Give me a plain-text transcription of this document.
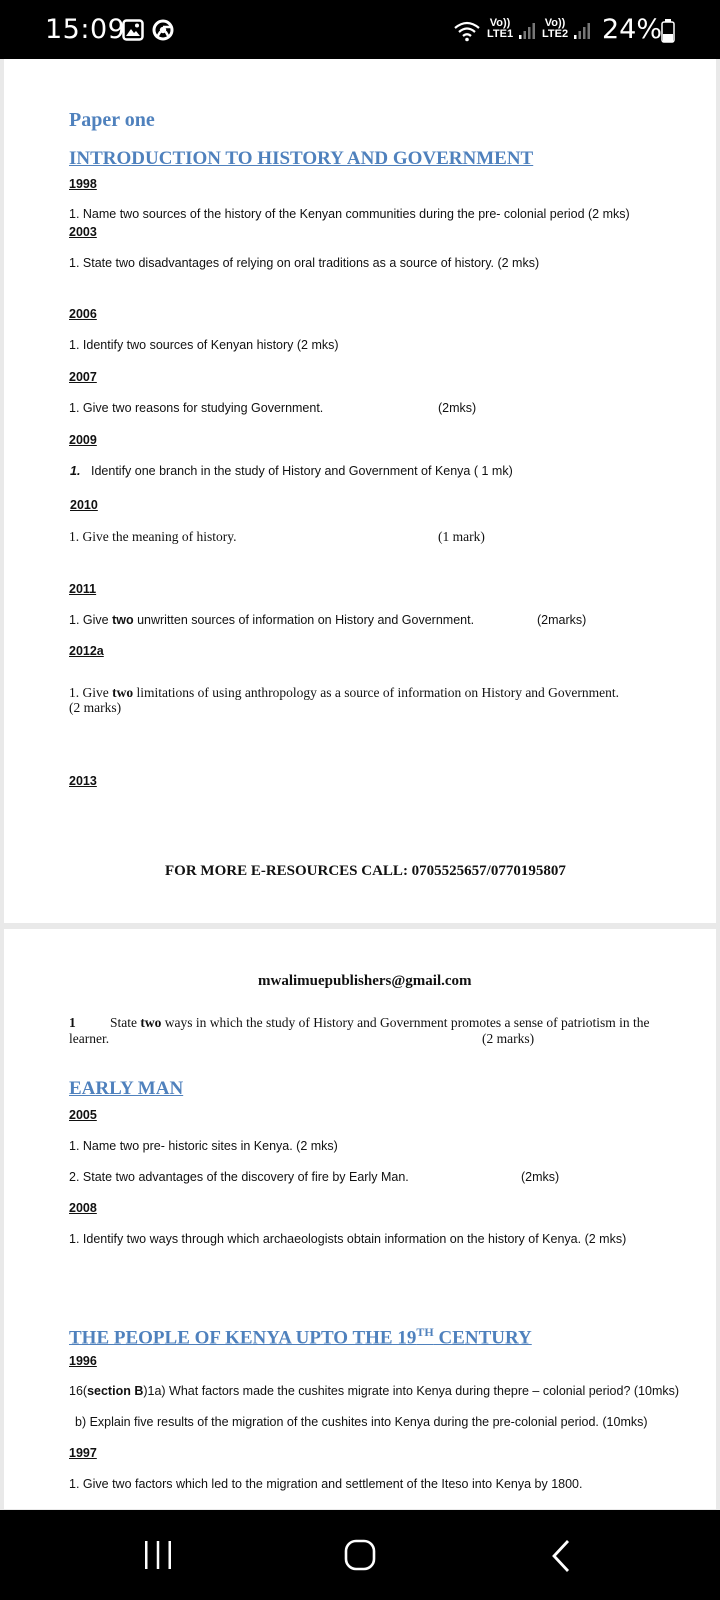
15:09	Vo))
LTE1
Vo))
LTE2 24%
Paper one
INTRODUCTION TO HISTORY AND GOVERNMENT
1998
1. Name two sources of the history of the Kenyan communities during the pre- colonial period (2 mks)
2003
1. State two disadvantages of relying on oral traditions as a source of history. (2 mks)
2006
1. Identify two sources of Kenyan history (2 mks)
2007
1. Give two reasons for studying Government.	(2mks)
2009
1. Identify one branch in the study of History and Government of Kenya ( 1 mk)
2010
1. Give the meaning of history.	(1 mark)
2011
1. Give two unwritten sources of information on History and Government.	(2marks)
2012a
1. Give two limitations of using anthropology as a source of information on History and Government.
(2 marks)
2013
FOR MORE E-RESOURCES CALL: 0705525657/0770195807
mwalimuepublishers@gmail.com
1	State two ways in which the study of History and Government promotes a sense of patriotism in the
learner.	(2 marks)
EARLY MAN
2005
1. Name two pre- historic sites in Kenya. (2 mks)
2. State two advantages of the discovery of fire by Early Man.	(2mks)
2008
1. Identify two ways through which archaeologists obtain information on the history of Kenya. (2 mks)
THE PEOPLE OF KENYA UPTO THE 19TH CENTURY
1996
16(section B)1a) What factors made the cushites migrate into Kenya during thepre – colonial period? (10mks)
b) Explain five results of the migration of the cushites into Kenya during the pre-colonial period. (10mks)
1997
1. Give two factors which led to the migration and settlement of the Iteso into Kenya by 1800.
